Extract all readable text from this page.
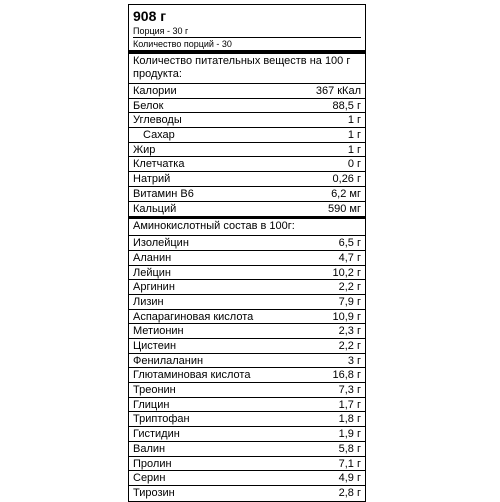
908 г
Порция - 30 г
Количество порций - 30
Количество питательных веществ на 100 г продукта:
Калории	367 кКал
Белок	88,5 г
Углеводы	1 г
Сахар	1 г
Жир	1 г
Клетчатка	0 г
Натрий	0,26 г
Витамин B6	6,2 мг
Кальций	590 мг
Аминокислотный состав в 100г:
Изолейцин	6,5 г
Аланин	4,7 г
Лейцин	10,2 г
Аргинин	2,2 г
Лизин	7,9 г
Аспарагиновая кислота	10,9 г
Метионин	2,3 г
Цистеин	2,2 г
Фенилаланин	3 г
Глютаминовая кислота	16,8 г
Треонин	7,3 г
Глицин	1,7 г
Триптофан	1,8 г
Гистидин	1,9 г
Валин	5,8 г
Пролин	7,1 г
Серин	4,9 г
Тирозин	2,8 г
